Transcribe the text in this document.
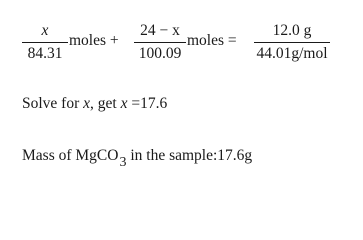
x
84.31
moles +
24 − x
100.09
moles =
12.0 g
44.01g/mol
Solve for x, get x =17.6
Mass of MgCO3 in the sample:17.6g
